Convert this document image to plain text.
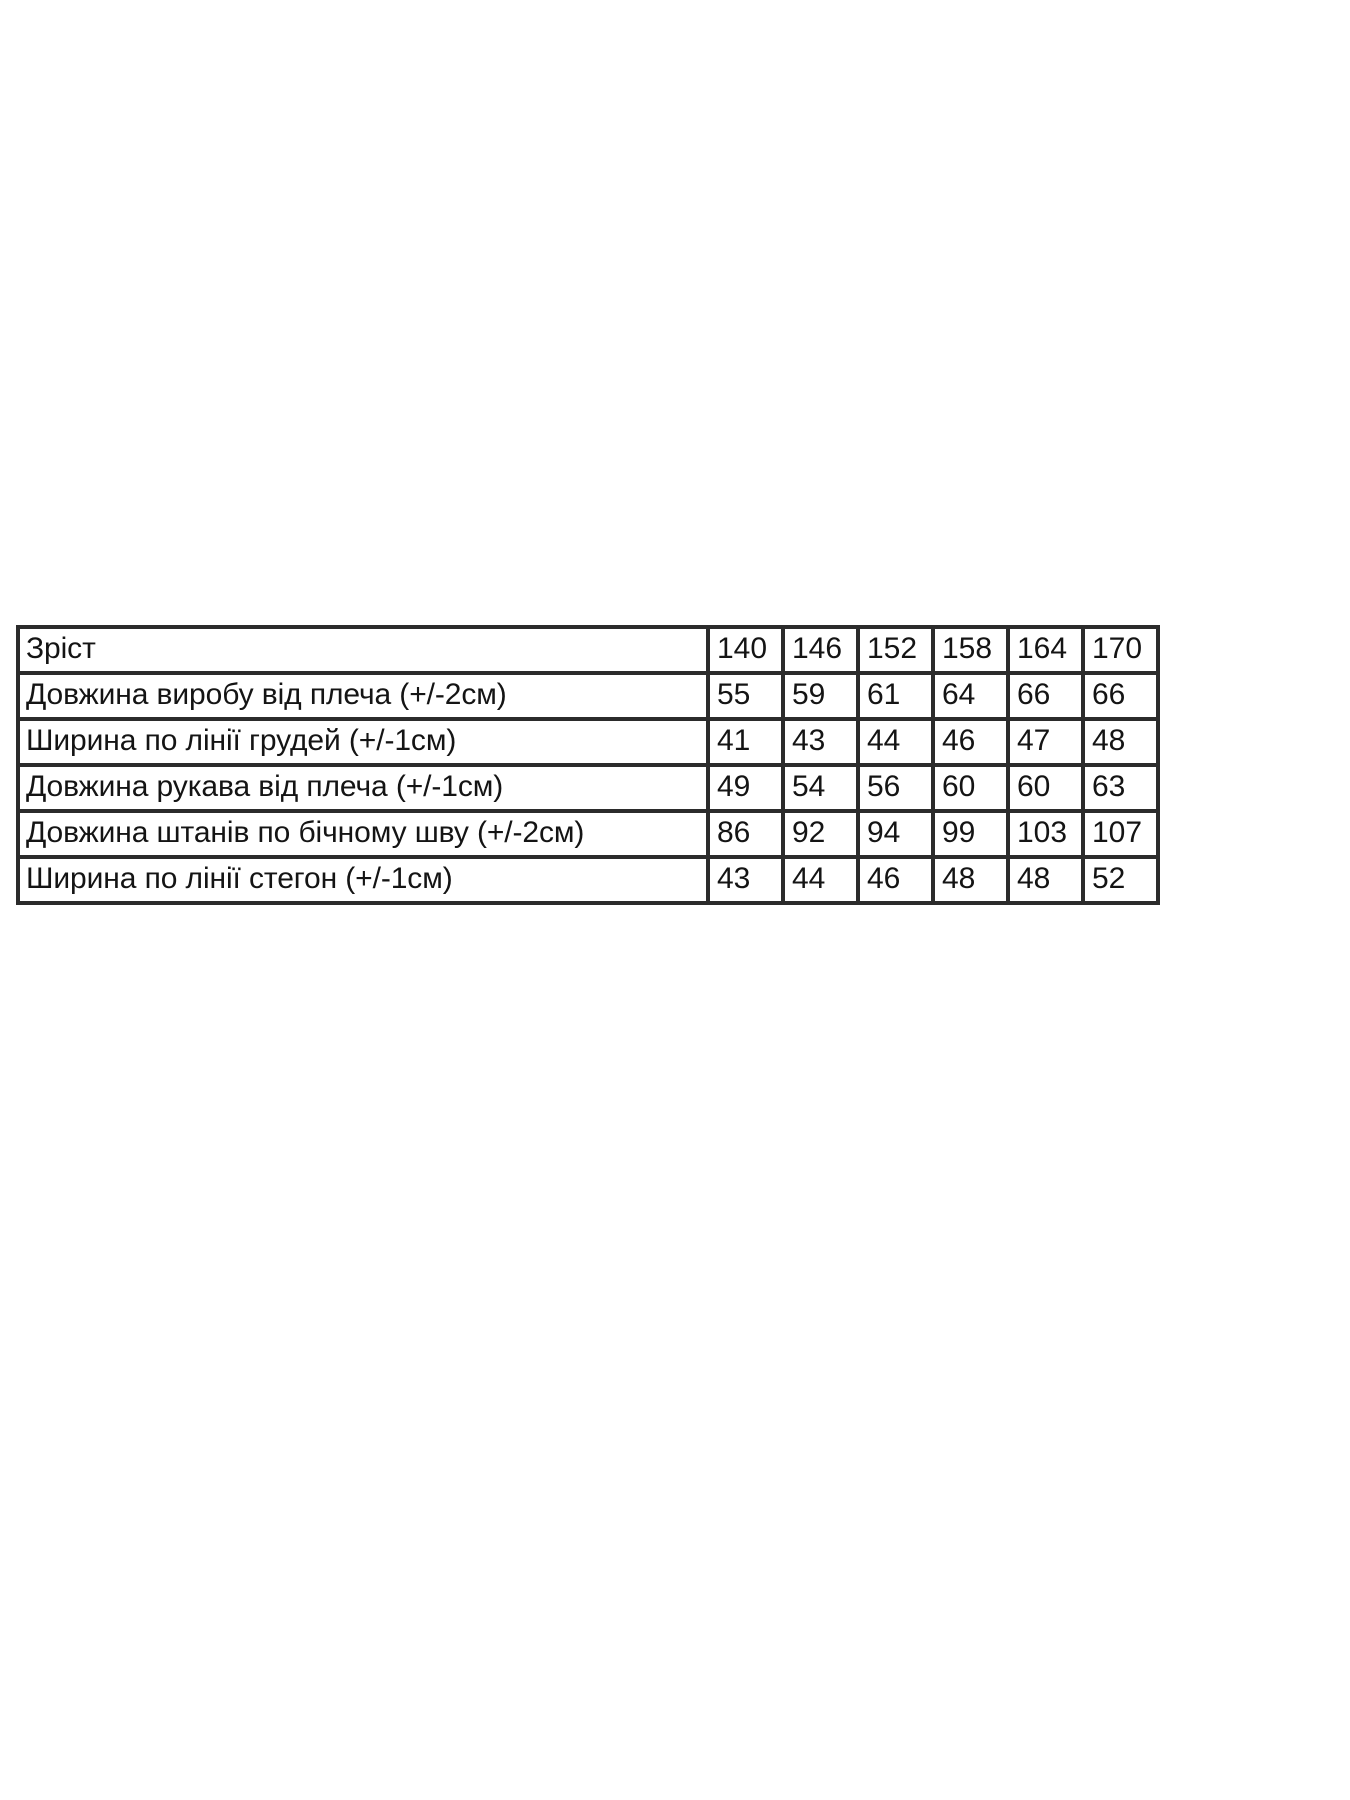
Зріст	140	146	152	158	164	170
Довжина виробу від плеча (+/-2см)	55	59	61	64	66	66
Ширина по лінії грудей (+/-1см)	41	43	44	46	47	48
Довжина рукава від плеча (+/-1см)	49	54	56	60	60	63
Довжина штанів по бічному шву (+/-2см)	86	92	94	99	103	107
Ширина по лінії стегон (+/-1см)	43	44	46	48	48	52
